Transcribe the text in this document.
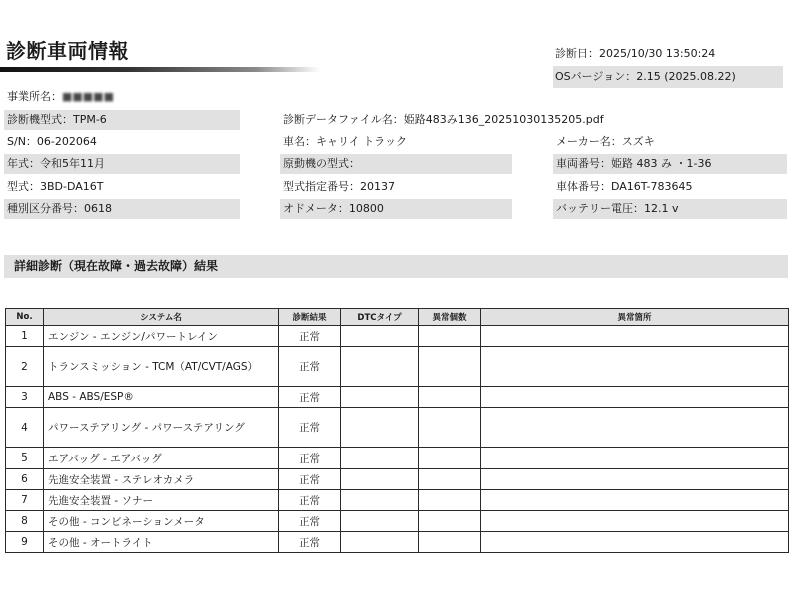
診断車両情報	診断日：2025/10/30 13:50:24
OSバージョン：2.15 (2025.08.22)
事業所名：■■■■■
診断機型式：TPM-6
S/N：06-202064
年式：令和5年11月
型式：3BD-DA16T
種別区分番号：0618
診断データファイル名：姫路483み136_20251030135205.pdf
車名：キャリイ トラック
原動機の型式：
型式指定番号：20137
オドメータ：10800
メーカー名：スズキ
車両番号：姫路 483 み ・1-36
車体番号：DA16T-783645
バッテリー電圧：12.1 v
詳細診断（現在故障・過去故障）結果
No.	システム名	診断結果	DTCタイプ	異常個数	異常箇所
1	エンジン - エンジン/パワートレイン	正常			
2	トランスミッション - TCM（AT/CVT/AGS）	正常			
3	ABS - ABS/ESP®	正常			
4	パワーステアリング - パワーステアリング	正常			
5	エアバッグ - エアバッグ	正常			
6	先進安全装置 - ステレオカメラ	正常			
7	先進安全装置 - ソナー	正常			
8	その他 - コンビネーションメータ	正常			
9	その他 - オートライト	正常			
